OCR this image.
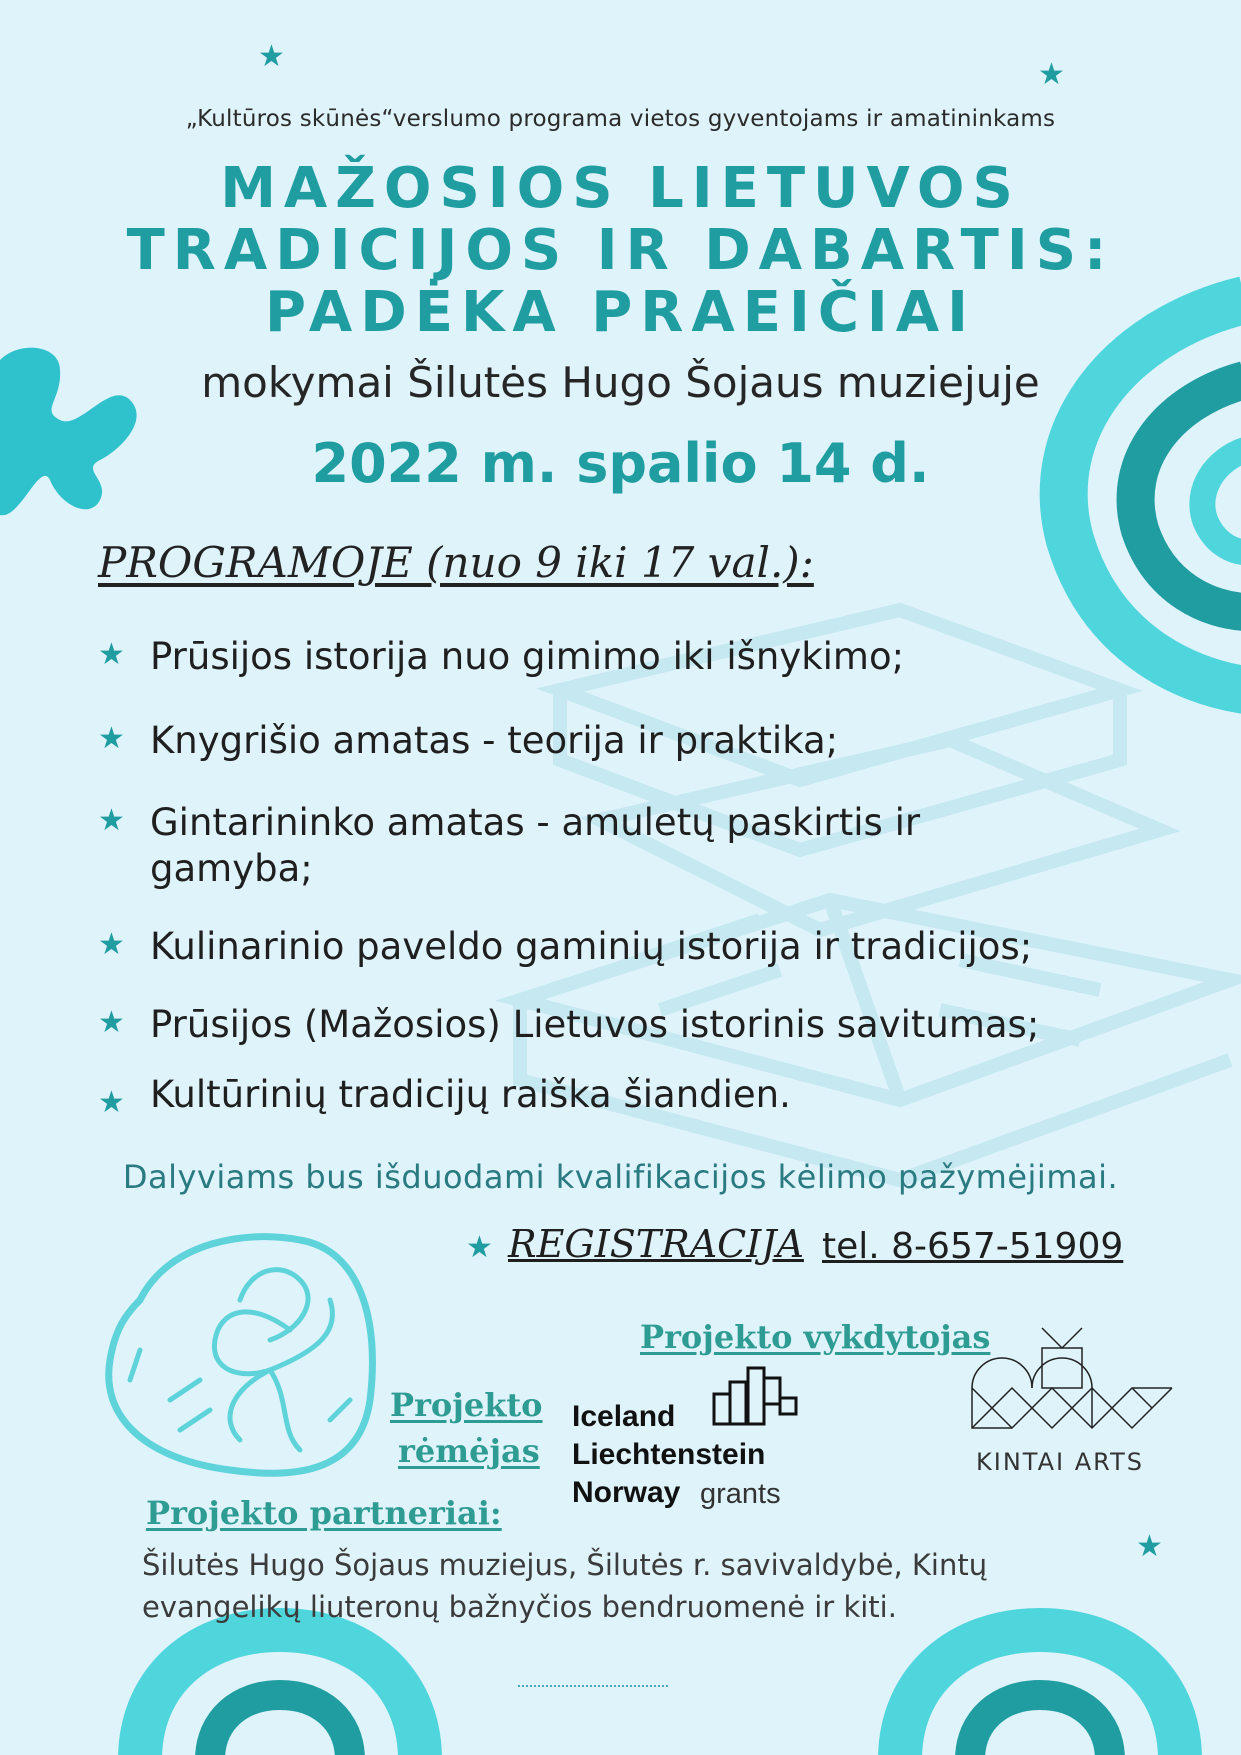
★
★
★
„Kultūros skūnės“verslumo programa vietos gyventojams ir amatininkams
MAŽOSIOS LIETUVOS
TRADICIJOS IR DABARTIS:
PADĖKA PRAEIČIAI
mokymai Šilutės Hugo Šojaus muziejuje
2022 m. spalio 14 d.
PROGRAMOJE (nuo 9 iki 17 val.):
★ Prūsijos istorija nuo gimimo iki išnykimo;
★ Knygrišio amatas - teorija ir praktika;
★ Gintarininko amatas - amuletų paskirtis ir gamyba;
★ Kulinarinio paveldo gaminių istorija ir tradicijos;
★ Prūsijos (Mažosios) Lietuvos istorinis savitumas;
★ Kultūrinių tradicijų raiška šiandien.
Dalyviams bus išduodami kvalifikacijos kėlimo pažymėjimai.
★ REGISTRACIJA tel. 8-657-51909
Projekto vykdytojas
Projekto
rėmėjas
Iceland
Liechtenstein
Norway grants
KINTAI ARTS
Projekto partneriai:
Šilutės Hugo Šojaus muziejus, Šilutės r. savivaldybė, Kintų evangelikų liuteronų bažnyčios bendruomenė ir kiti.
